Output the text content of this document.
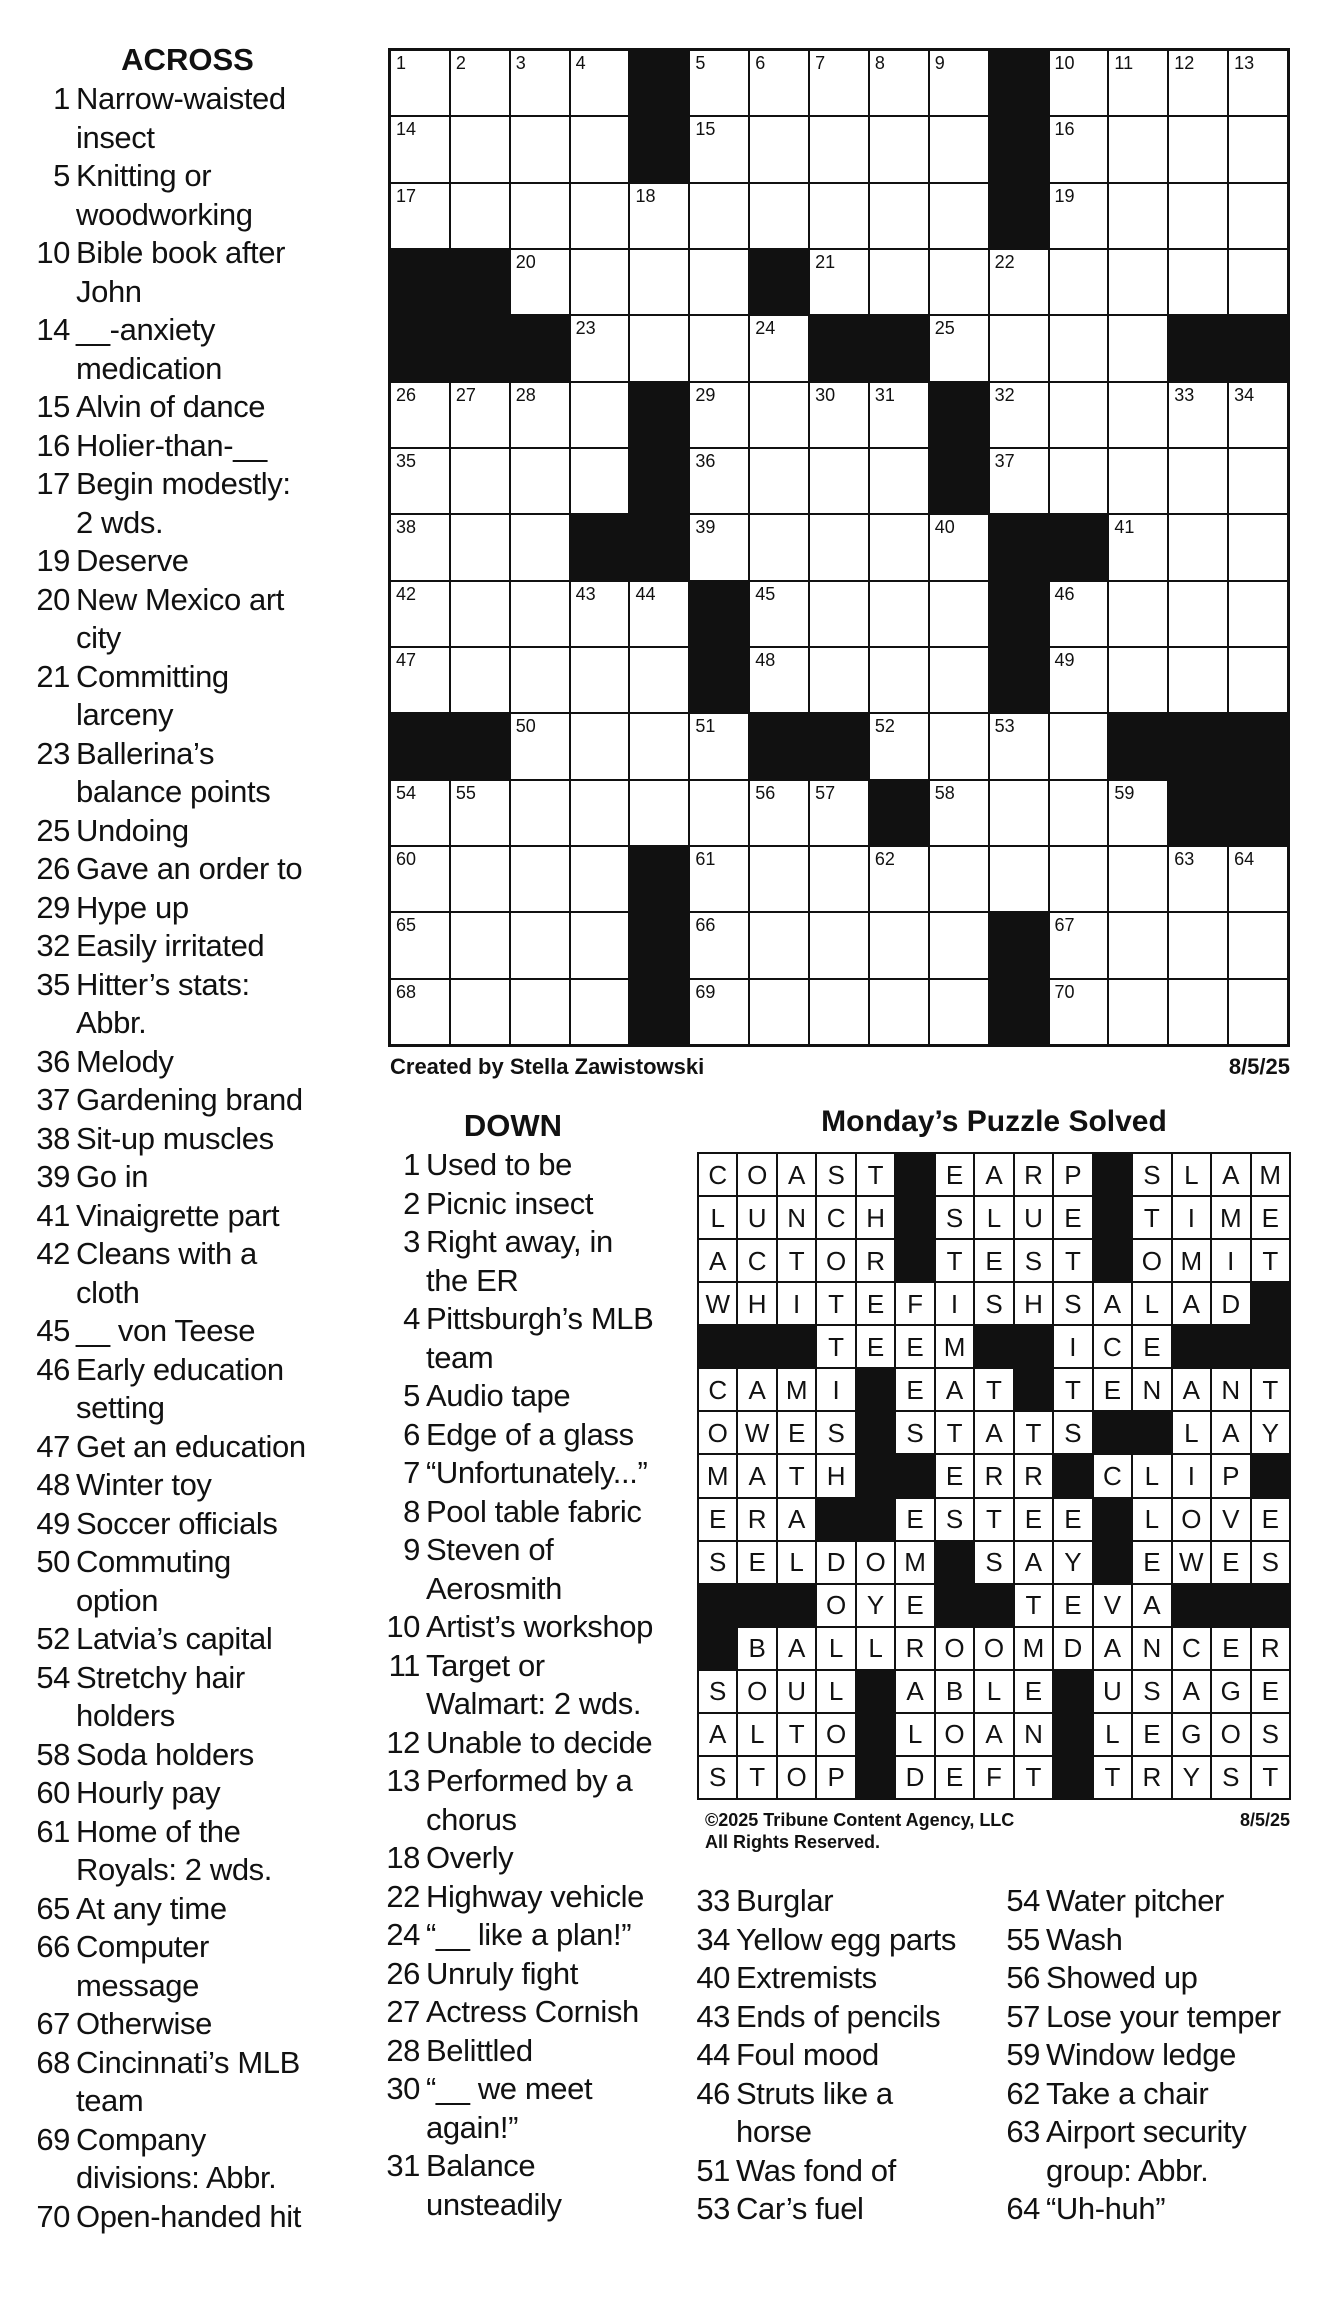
ACROSS
1 Narrow-waisted
insect
5 Knitting or
woodworking
10 Bible book after
John
14 __-anxiety
medication
15 Alvin of dance
16 Holier-than-__
17 Begin modestly:
2 wds.
19 Deserve
20 New Mexico art
city
21 Committing
larceny
23 Ballerina’s
balance points
25 Undoing
26 Gave an order to
29 Hype up
32 Easily irritated
35 Hitter’s stats:
Abbr.
36 Melody
37 Gardening brand
38 Sit-up muscles
39 Go in
41 Vinaigrette part
42 Cleans with a
cloth
45 __ von Teese
46 Early education
setting
47 Get an education
48 Winter toy
49 Soccer officials
50 Commuting
option
52 Latvia’s capital
54 Stretchy hair
holders
58 Soda holders
60 Hourly pay
61 Home of the
Royals: 2 wds.
65 At any time
66 Computer
message
67 Otherwise
68 Cincinnati’s MLB
team
69 Company
divisions: Abbr.
70 Open-handed hit
1	2	3	4	5	6	7	8	9	10 11 12 13
14	15	16
17	18	19
20	21	22
23	24	25
26 27 28	29	30 31	32	33 34
35	36	37
38	39	40	41
42	43 44	45	46
47	48	49
50	51	52	53
54 55	56 57	58	59
60	61	62	63 64
65	66	67
68	69	70
Created by Stella Zawistowski	8/5/25
DOWN
1 Used to be
2 Picnic insect
3 Right away, in
the ER
4 Pittsburgh’s MLB
team
5 Audio tape
6 Edge of a glass
7 “Unfortunately...”
8 Pool table fabric
9 Steven of
Aerosmith
10 Artist’s workshop
11 Target or
Walmart: 2 wds.
12 Unable to decide
13 Performed by a
chorus
18 Overly
22 Highway vehicle
24 “__ like a plan!”
26 Unruly fight
27 Actress Cornish
28 Belittled
30 “__ we meet
again!”
31 Balance
unsteadily
Monday’s Puzzle Solved
C O A S T	E A R P	S L A M
L U N C H	S L U E	T	I M E
A C T O R	T E S T	O M I	T
W H	I	T E F	I	S H S A L A D
T E E M	I	C E
C A M I	E A T	T E N A N T
O W E S	S T A T S	L A Y
M A T H	E R R	C L	I	P
E R A	E S T E E	L O V E
S E L D O M	S A Y	E W E S
O Y E	T E V A
B A L L R O O M D A N C E R
S O U L	A B L E	U S A G E
A L T O	L O A N	L E G O S
S T O P	D E F T	T R Y S T
©2025 Tribune Content Agency, LLC
All Rights Reserved.
8/5/25
33 Burglar
34 Yellow egg parts
40 Extremists
43 Ends of pencils
44 Foul mood
46 Struts like a
horse
51 Was fond of
53 Car’s fuel
54 Water pitcher
55 Wash
56 Showed up
57 Lose your temper
59 Window ledge
62 Take a chair
63 Airport security
group: Abbr.
64 “Uh-huh”
